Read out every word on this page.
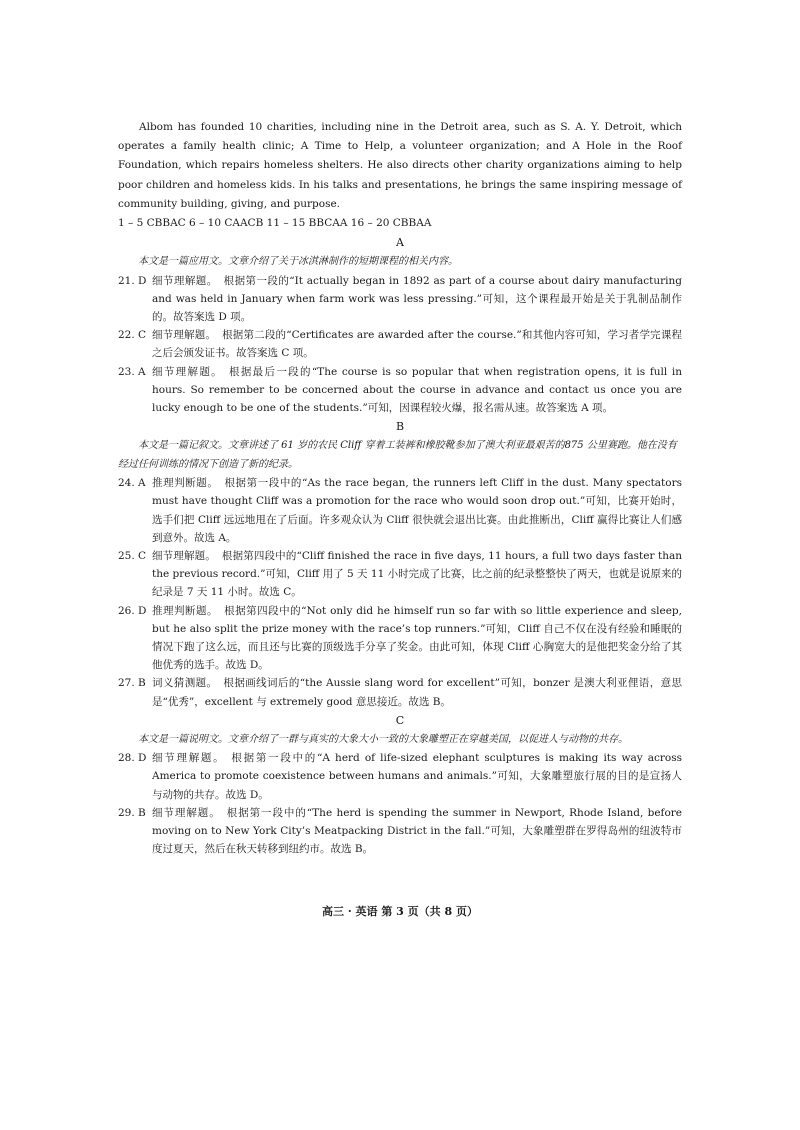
Albom has founded 10 charities, including nine in the Detroit area, such as S. A. Y. Detroit, which operates a family health clinic; A Time to Help, a volunteer organization; and A Hole in the Roof Foundation, which repairs homeless shelters. He also directs other charity organizations aiming to help poor children and homeless kids. In his talks and presentations, he brings the same inspiring message of community building, giving, and purpose.

1 – 5 CBBAC 6 – 10 CAACB 11 – 15 BBCAA 16 – 20 CBBAA

A

本文是一篇应用文。文章介绍了关于冰淇淋制作的短期课程的相关内容。

21. D 细节理解题。 根据第一段的“It actually began in 1892 as part of a course about dairy manufacturing and was held in January when farm work was less pressing.”可知，这个课程最开始是关于乳制品制作的。故答案选 D 项。
22. C 细节理解题。 根据第二段的“Certificates are awarded after the course.”和其他内容可知，学习者学完课程之后会颁发证书。故答案选 C 项。
23. A 细节理解题。 根据最后一段的“The course is so popular that when registration opens, it is full in hours. So remember to be concerned about the course in advance and contact us once you are lucky enough to be one of the students.”可知，因课程较火爆，报名需从速。故答案选 A 项。
B

本文是一篇记叙文。文章讲述了 61 岁的农民 Cliff 穿着工装裤和橡胶靴参加了澳大利亚最艰苦的875 公里赛跑。他在没有经过任何训练的情况下创造了新的纪录。

24. A 推理判断题。 根据第一段中的“As the race began, the runners left Cliff in the dust. Many spectators must have thought Cliff was a promotion for the race who would soon drop out.”可知，比赛开始时，选手们把 Cliff 远远地甩在了后面。许多观众认为 Cliff 很快就会退出比赛。由此推断出，Cliff 赢得比赛让人们感到意外。故选 A。
25. C 细节理解题。 根据第四段中的“Cliff finished the race in five days, 11 hours, a full two days faster than the previous record.”可知，Cliff 用了 5 天 11 小时完成了比赛，比之前的纪录整整快了两天，也就是说原来的纪录是 7 天 11 小时。故选 C。
26. D 推理判断题。 根据第四段中的“Not only did he himself run so far with so little experience and sleep, but he also split the prize money with the race’s top runners.”可知，Cliff 自己不仅在没有经验和睡眠的情况下跑了这么远，而且还与比赛的顶级选手分享了奖金。由此可知，体现 Cliff 心胸宽大的是他把奖金分给了其他优秀的选手。故选 D。
27. B 词义猜测题。 根据画线词后的“the Aussie slang word for excellent”可知，bonzer 是澳大利亚俚语，意思是“优秀”，excellent 与 extremely good 意思接近。故选 B。
C

本文是一篇说明文。文章介绍了一群与真实的大象大小一致的大象雕塑正在穿越美国，以促进人与动物的共存。

28. D 细节理解题。 根据第一段中的“A herd of life-sized elephant sculptures is making its way across America to promote coexistence between humans and animals.”可知，大象雕塑旅行展的目的是宣扬人与动物的共存。故选 D。
29. B 细节理解题。 根据第一段中的“The herd is spending the summer in Newport, Rhode Island, before moving on to New York City’s Meatpacking District in the fall.”可知，大象雕塑群在罗得岛州的纽波特市度过夏天，然后在秋天转移到纽约市。故选 B。
高三 · 英语 第 3 页（共 8 页）
